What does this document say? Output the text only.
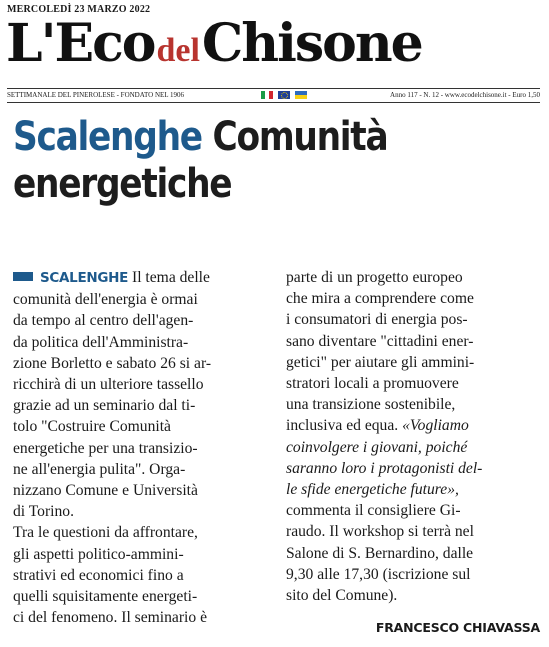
MERCOLEDÌ 23 MARZO 2022
L'EcodelChisone
SETTIMANALE DEL PINEROLESE - FONDATO NEL 1906	Anno 117 - N. 12 - www.ecodelchisone.it - Euro 1,50
Scalenghe Comunità
energetiche
SCALENGHE Il tema delle
comunità dell'energia è ormai
da tempo al centro dell'agen-
da politica dell'Amministra-
zione Borletto e sabato 26 si ar-
ricchirà di un ulteriore tassello
grazie ad un seminario dal ti-
tolo "Costruire Comunità
energetiche per una transizio-
ne all'energia pulita". Orga-
nizzano Comune e Università
di Torino.
Tra le questioni da affrontare,
gli aspetti politico-ammini-
strativi ed economici fino a
quelli squisitamente energeti-
ci del fenomeno. Il seminario è
parte di un progetto europeo
che mira a comprendere come
i consumatori di energia pos-
sano diventare "cittadini ener-
getici" per aiutare gli ammini-
stratori locali a promuovere
una transizione sostenibile,
inclusiva ed equa. «Vogliamo
coinvolgere i giovani, poiché
saranno loro i protagonisti del-
le sfide energetiche future»,
commenta il consigliere Gi-
raudo. Il workshop si terrà nel
Salone di S. Bernardino, dalle
9,30 alle 17,30 (iscrizione sul
sito del Comune).
FRANCESCO CHIAVASSA
